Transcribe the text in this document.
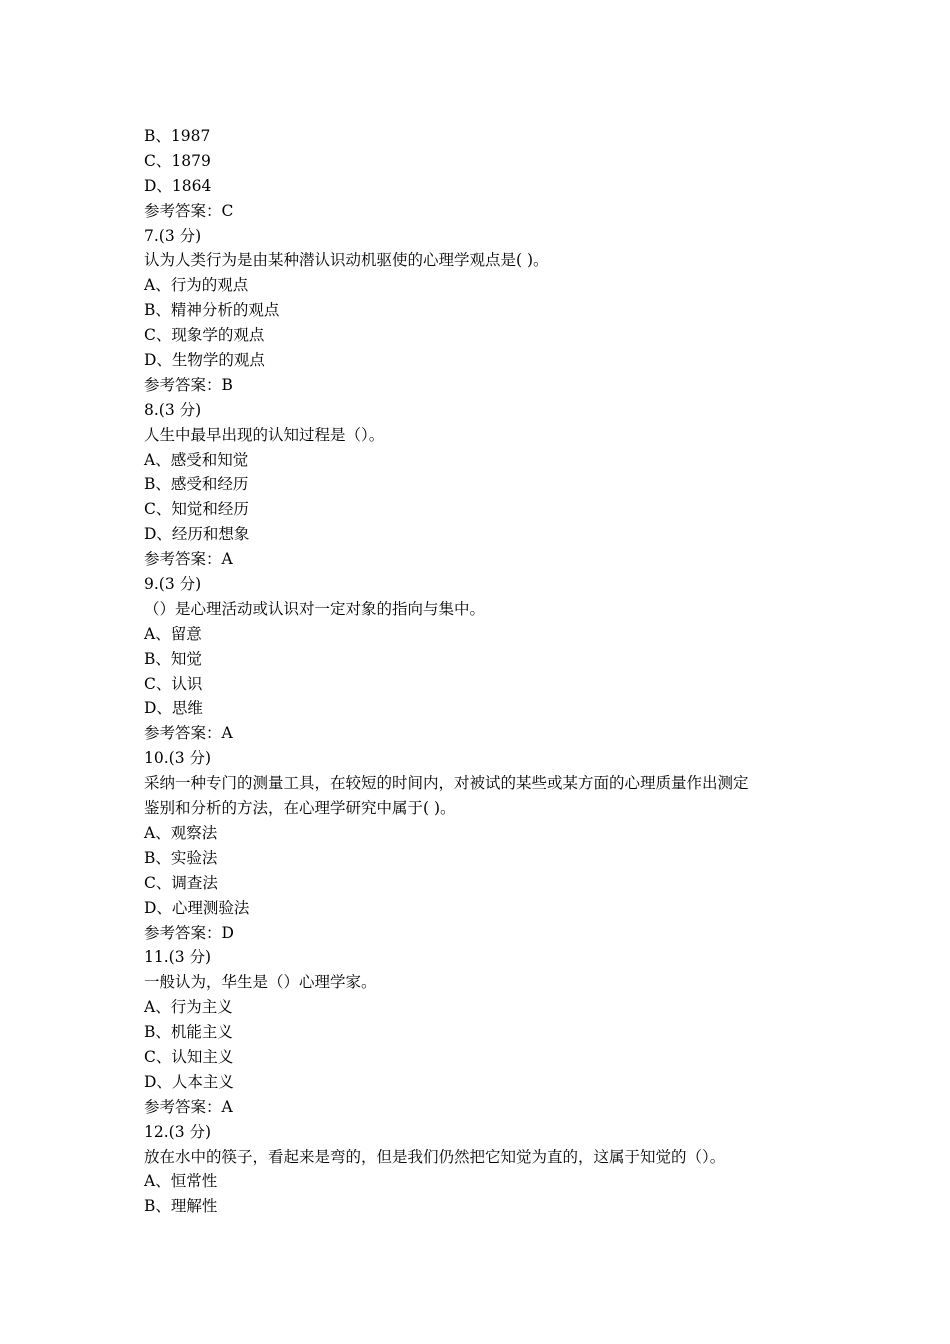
B、1987
C、1879
D、1864
参考答案：C
7.(3 分)
认为人类行为是由某种潜认识动机驱使的心理学观点是( )。
A、行为的观点
B、精神分析的观点
C、现象学的观点
D、生物学的观点
参考答案：B
8.(3 分)
人生中最早出现的认知过程是（）。
A、感受和知觉
B、感受和经历
C、知觉和经历
D、经历和想象
参考答案：A
9.(3 分)
（）是心理活动或认识对一定对象的指向与集中。
A、留意
B、知觉
C、认识
D、思维
参考答案：A
10.(3 分)
采纳一种专门的测量工具，在较短的时间内，对被试的某些或某方面的心理质量作出测定
鉴别和分析的方法，在心理学研究中属于( )。
A、观察法
B、实验法
C、调查法
D、心理测验法
参考答案：D
11.(3 分)
一般认为，华生是（）心理学家。
A、行为主义
B、机能主义
C、认知主义
D、人本主义
参考答案：A
12.(3 分)
放在水中的筷子，看起来是弯的，但是我们仍然把它知觉为直的，这属于知觉的（）。
A、恒常性
B、理解性
